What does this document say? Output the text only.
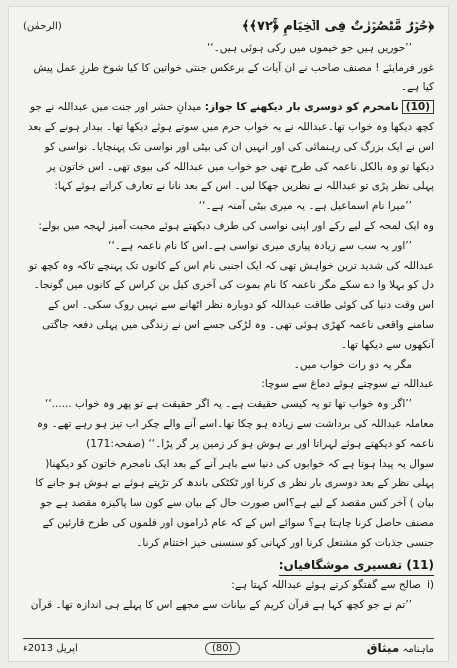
﴿حُوۡرٌ مَّقۡصُوۡرٰتٌ فِی الۡخِیَامِ ﴿ۚ۷۲﴾﴾
(الرحمٰن)

’’حوریں ہیں جو خیموں میں رکی ہوئی ہیں۔‘‘

غور فرمایئے ! مصنف صاحب نے ان آیات کے برعکس جنتی خواتین کا کیا شوخ طرزِ عمل پیش کیا ہے۔

(10)نامحرم کو دوسری بار دیکھنے کا جواز: میدانِ حشر اور جنت میں عبداللہ نے جو کچھ دیکھا وہ خواب تھا۔عبداللہ نے یہ خواب حرم میں سوتے ہوئے دیکھا تھا۔ بیدار ہونے کے بعد اس نے ایک بزرگ کی رہنمائی کی اور انہیں ان کی بیٹی اور نواسی تک پہنچایا۔ نواسی کو دیکھا تو وہ بالکل ناعمہ کی طرح تھی جو خواب میں عبداللہ کی بیوی تھی۔ اس خاتون پر پہلی نظر پڑی تو عبداللہ نے نظریں جھکا لیں۔ اس کے بعد نانا نے تعارف کراتے ہوئے کہا:

’’میرا نام اسماعیل ہے۔ یہ میری بیٹی آمنہ ہے۔‘‘

وہ ایک لمحہ کے لیے رکے اور اپنی نواسی کی طرف دیکھتے ہوئے محبت آمیز لہجہ میں بولے:

’’اور یہ سب سے زیادہ پیاری میری نواسی ہے۔اس کا نام ناعمہ ہے۔‘‘

عبداللہ کی شدید ترین خواہش تھی کہ ایک اجنبی نام اس کے کانوں تک پہنچے تاکہ وہ کچھ تو دل کو بہلا وا دے سکے مگر ناعمہ کا نام بموت کی آخری کیل بن کراس کے کانوں میں گونجا۔اس وقت دنیا کی کوئی طاقت عبداللہ کو دوبارہ نظر اٹھانے سے نہیں روک سکی۔ اس کے سامنے واقعی ناعمہ کھڑی ہوئی تھی۔ وہ لڑکی جسے اس نے زندگی میں پہلی دفعہ جاگتی آنکھوں سے دیکھا تھا۔

مگر یہ دو رات خواب میں۔

عبداللہ نے سوچتے ہوئے دماغ سے سوچا:

’’اگر وہ خواب تھا تو یہ کیسی حقیقت ہے۔ یہ اگر حقیقت ہے تو پھر وہ خواب ......‘‘

معاملہ عبداللہ کی برداشت سے زیادہ ہو چکا تھا۔اسے آنے والے چکر اب تیز ہو رہے تھے۔ وہ ناعمہ کو دیکھتے ہوئے لہراتا اور بے ہوش ہو کر زمین پر گر پڑا۔‘‘ (صفحہ:171)

سوال یہ پیدا ہوتا ہے کہ خوابوں کی دنیا سے باہر آنے کے بعد ایک نامحرم خاتون کو دیکھنا( پہلی نظر کے بعد دوسری بار نظر ی کرنا اور ٹکٹکی باندھ کر تڑپتے ہوئے بے ہوش ہو جانے کا بیان ) آخر کس مقصد کے لیے ہے؟اس صورت حال کے بیان سے کون سا پاکیزہ مقصد ہے جو مصنف حاصل کرنا چاہتا ہے؟ سوائے اس کے کہ عام ڈراموں اور فلموں کی طرح قارئین کے جنسی جذبات کو مشتعل کرنا اور کہانی کو سنسنی خیز اختتام کرنا۔

(11) تفسیری موشگافیاں:
(i
صالح سے گفتگو کرتے ہوئے عبداللہ کہتا ہے:

’’تم نے جو کچھ کہا ہے قرآن کریم کے بیانات سے مجھے اس کا پہلے ہی اندازہ تھا۔ قرآن

ماہنامہ میثاق
(80)
اپریل 2013ء
